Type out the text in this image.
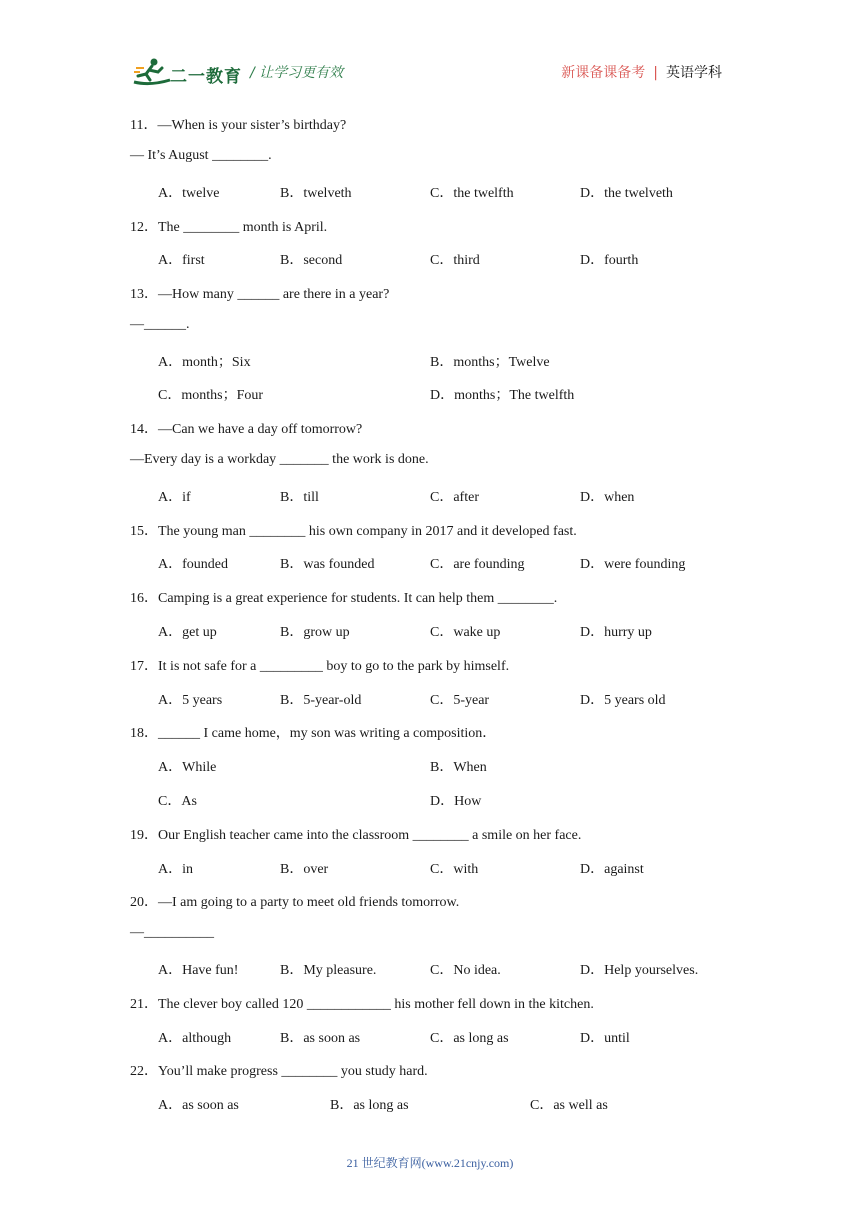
二一教育 / 让学习更有效	新课备课备考 | 英语学科
11．—When is your sister’s birthday?
— It’s August ________.
A．twelve	B．twelveth	C．the twelfth	D．the twelveth
12．The ________ month is April.
A．first	B．second	C．third	D．fourth
13．—How many ______ are there in a year?
—______.
A．month；Six	B．months；Twelve
C．months；Four	D．months；The twelfth
14．—Can we have a day off tomorrow?
—Every day is a workday _______ the work is done.
A．if	B．till	C．after	D．when
15．The young man ________ his own company in 2017 and it developed fast.
A．founded	B．was founded	C．are founding	D．were founding
16．Camping is a great experience for students. It can help them ________.
A．get up	B．grow up	C．wake up	D．hurry up
17．It is not safe for a _________ boy to go to the park by himself.
A．5 years	B．5-year-old	C．5-year	D．5 years old
18．______ I came home，my son was writing a composition．
A．While	B．When
C．As	D．How
19．Our English teacher came into the classroom ________ a smile on her face.
A．in	B．over	C．with	D．against
20．—I am going to a party to meet old friends tomorrow.
—__________
A．Have fun!	B．My pleasure.	C．No idea.	D．Help yourselves.
21．The clever boy called 120 ____________ his mother fell down in the kitchen.
A．although	B．as soon as	C．as long as	D．until
22．You’ll make progress ________ you study hard.
A．as soon as	B．as long as	C．as well as
21 世纪教育网(www.21cnjy.com)
